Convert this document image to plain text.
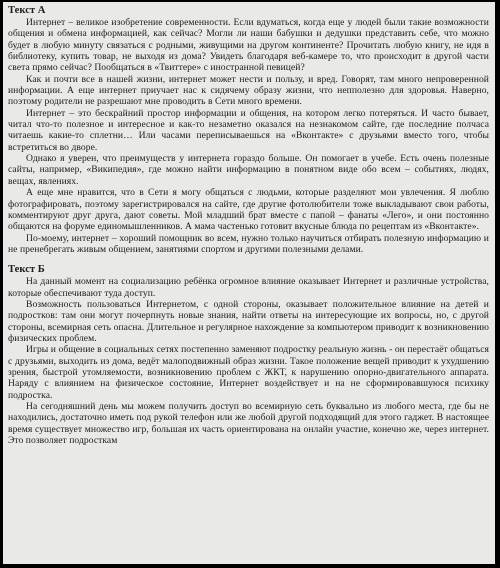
Текст А

Интернет – великое изобретение современности. Если вдуматься, когда еще у людей были такие возможности общения и обмена информацией, как сейчас? Могли ли наши бабушки и дедушки представить себе, что можно будет в любую минуту связаться с родными, живущими на другом континенте? Прочитать любую книгу, не идя в библиотеку, купить товар, не выходя из дома? Увидеть благодаря веб-камере то, что происходит в другой части света прямо сейчас? Пообщаться в «Твиттере» с иностранной певицей?

Как и почти все в нашей жизни, интернет может нести и пользу, и вред. Говорят, там много непроверенной информации. А еще интернет приучает нас к сидячему образу жизни, что непполезно для здоровья. Наверно, поэтому родители не разрешают мне проводить в Сети много времени.

Интернет – это бескрайний простор информации и общения, на котором легко потеряться. И часто бывает, читал что-то полезное и интересное и как-то незаметно оказался на незнакомом сайте, где последние полчаса читаешь какие-то сплетни… Или часами переписываешься на «Вконтакте» с друзьями вместо того, чтобы встретиться во дворе.

Однако я уверен, что преимуществ у интернета гораздо больше. Он помогает в учебе. Есть очень полезные сайты, например, «Википедия», где можно найти информацию в понятном виде обо всем – событиях, людях, вещах, явлениях.

А еще мне нравится, что в Сети я могу общаться с людьми, которые разделяют мои увлечения. Я люблю фотографировать, поэтому зарегистрировался на сайте, где другие фотолюбители тоже выкладывают свои работы, комментируют друг друга, дают советы. Мой младший брат вместе с папой – фанаты «Лего», и они постоянно общаются на форуме единомышленников. А мама частенько готовит вкусные блюда по рецептам из «Вконтакте».

По-моему, интернет – хороший помощник во всем, нужно только научиться отбирать полезную информацию и не пренебрегать живым общением, занятиями спортом и другими полезными делами.

Текст Б

На данный момент на социализацию ребёнка огромное влияние оказывает Интернет и различные устройства, которые обеспечивают туда доступ.

Возможность пользоваться Интернетом, с одной стороны, оказывает положительное влияние на детей и подростков: там они могут почерпнуть новые знания, найти ответы на интересующие их вопросы, но, с другой стороны, всемирная сеть опасна. Длительное и регулярное нахождение за компьютером приводит к возникновению физических проблем.

Игры и общение в социальных сетях постепенно заменяют подростку реальную жизнь - он перестаёт общаться с друзьями, выходить из дома, ведёт малоподвижный образ жизни. Такое положение вещей приводит к ухудшению зрения, быстрой утомляемости, возникновению проблем с ЖКТ, к нарушению опорно-двигательного аппарата. Наряду с влиянием на физическое состояние, Интернет воздействует и на не сформировавшуюся психику подростка.

На сегодняшний день мы можем получить доступ во всемирную сеть буквально из любого места, где бы не находились, достаточно иметь под рукой телефон или же любой другой подходящий для этого гаджет. В настоящее время существует множество игр, большая их часть ориентирована на онлайн участие, конечно же, через интернет. Это позволяет подросткам
